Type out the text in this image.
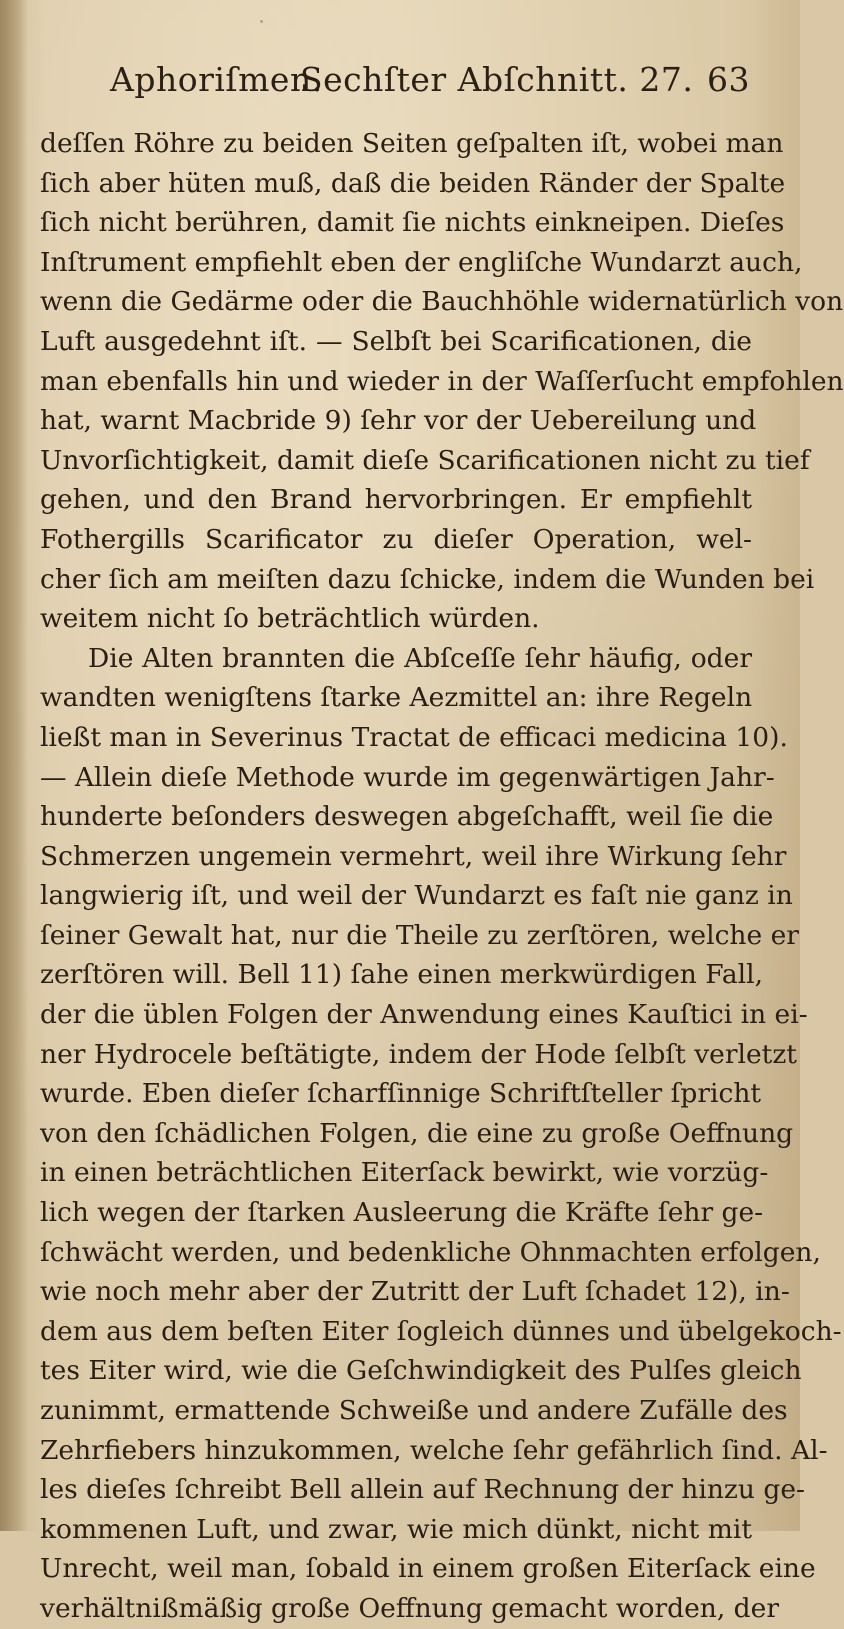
Aphoriſmen.
Sechſter Abſchnitt. 27. 63
deſſen Röhre zu beiden Seiten geſpalten iſt, wobei man
ſich aber hüten muß, daß die beiden Ränder der Spalte
ſich nicht berühren, damit ſie nichts einkneipen. Dieſes
Inſtrument empfiehlt eben der engliſche Wundarzt auch,
wenn die Gedärme oder die Bauchhöhle widernatürlich von
Luft ausgedehnt iſt. — Selbſt bei Scarificationen, die
man ebenfalls hin und wieder in der Waſſerſucht empfohlen
hat, warnt Macbride 9) ſehr vor der Uebereilung und
Unvorſichtigkeit, damit dieſe Scarificationen nicht zu tief
gehen, und den Brand hervorbringen. Er empfiehlt
Fothergills Scarificator zu dieſer Operation, wel-
cher ſich am meiſten dazu ſchicke, indem die Wunden bei
weitem nicht ſo beträchtlich würden.
Die Alten brannten die Abſceſſe ſehr häufig, oder
wandten wenigſtens ſtarke Aezmittel an: ihre Regeln
ließt man in Severinus Tractat de efficaci medicina 10).
— Allein dieſe Methode wurde im gegenwärtigen Jahr-
hunderte beſonders deswegen abgeſchafft, weil ſie die
Schmerzen ungemein vermehrt, weil ihre Wirkung ſehr
langwierig iſt, und weil der Wundarzt es faſt nie ganz in
ſeiner Gewalt hat, nur die Theile zu zerſtören, welche er
zerſtören will. Bell 11) ſahe einen merkwürdigen Fall,
der die üblen Folgen der Anwendung eines Kauſtici in ei-
ner Hydrocele beſtätigte, indem der Hode ſelbſt verletzt
wurde. Eben dieſer ſcharfſinnige Schriftſteller ſpricht
von den ſchädlichen Folgen, die eine zu große Oeffnung
in einen beträchtlichen Eiterſack bewirkt, wie vorzüg-
lich wegen der ſtarken Ausleerung die Kräfte ſehr ge-
ſchwächt werden, und bedenkliche Ohnmachten erfolgen,
wie noch mehr aber der Zutritt der Luft ſchadet 12), in-
dem aus dem beſten Eiter ſogleich dünnes und übelgekoch-
tes Eiter wird, wie die Geſchwindigkeit des Pulſes gleich
zunimmt, ermattende Schweiße und andere Zufälle des
Zehrfiebers hinzukommen, welche ſehr gefährlich ſind. Al-
les dieſes ſchreibt Bell allein auf Rechnung der hinzu ge-
kommenen Luft, und zwar, wie mich dünkt, nicht mit
Unrecht, weil man, ſobald in einem großen Eiterſack eine
verhältnißmäßig große Oeffnung gemacht worden, der
